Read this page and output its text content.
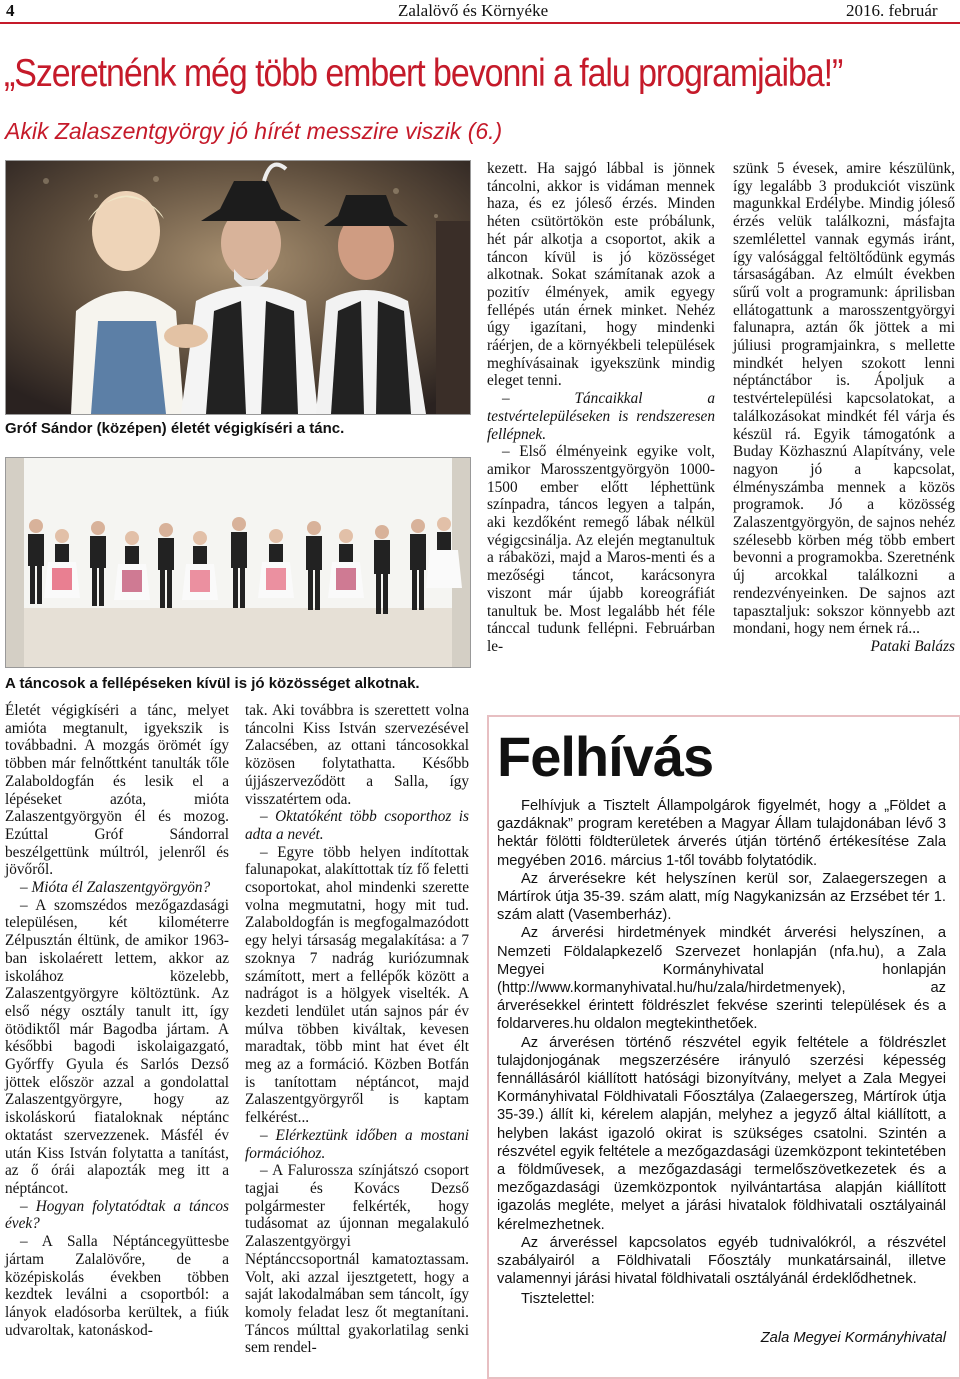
4	Zalalövő és Környéke	2016. február
„Szeretnénk még több embert bevonni a falu programjaiba!”
Akik Zalaszentgyörgy jó hírét messzire viszik (6.)
Gróf Sándor (középen) életét végigkíséri a tánc.
A táncosok a fellépéseken kívül is jó közösséget alkotnak.

Életét végigkíséri a tánc, melyet amióta megtanult, igyekszik is továbbadni. A mozgás örömét így többen már felnőttként tanulták tőle Zalaboldogfán és lesik el a lépéseket azóta, mióta Zalaszentgyörgyön él és mozog. Ezúttal Gróf Sándorral beszélgettünk múltról, jelenről és jövőről.

– Mióta él Zalaszentgyörgyön?

– A szomszédos mezőgazdasági településen, két kilométerre Zélpusztán éltünk, de amikor 1963-ban iskolaérett lettem, akkor az iskolához közelebb, Zalaszentgyörgyre költöztünk. Az első négy osztály tanult itt, így ötödiktől már Bagodba jártam. A későbbi bagodi iskolaigazgató, Győrffy Gyula és Sarlós Dezső jöttek először azzal a gondolattal Zalaszentgyörgyre, hogy az iskoláskorú fiataloknak néptánc oktatást szervezzenek. Másfél év után Kiss István folytatta a tanítást, az ő órái alapozták meg itt a néptáncot.

– Hogyan folytatódtak a táncos évek?

– A Salla Néptáncegyüttesbe jártam Zalalövőre, de a középiskolás években többen kezdtek leválni a csoportból: a lányok eladósorba kerültek, a fiúk udvaroltak, katonáskod-

tak. Aki továbbra is szerettett volna táncolni Kiss István szervezésével Zalacsében, az ottani táncosokkal közösen folytathatta. Később újjászerveződött a Salla, így visszatértem oda.

– Oktatóként több csoporthoz is adta a nevét.

– Egyre több helyen indítottak falunapokat, alakíttottak tíz fő feletti csoportokat, ahol mindenki szerette volna megmutatni, hogy mit tud. Zalaboldogfán is megfogalmazódott egy helyi társaság megalakítása: a 7 szoknya 7 nadrág kuriózumnak számított, mert a fellépők között a nadrágot is a hölgyek viselték. A kezdeti lendület után sajnos pár év múlva többen kiváltak, kevesen maradtak, több mint hat évet élt meg az a formáció. Közben Botfán is tanítottam néptáncot, majd Zalaszentgyörgyről is kaptam felkérést...

– Elérkeztünk időben a mostani formációhoz.

– A Falurossza színjátszó csoport tagjai és Kovács Dezső polgármester felkérték, hogy tudásomat az újonnan megalakuló Zalaszentgyörgyi Néptánccsoportnál kamatoztassam. Volt, aki azzal ijesztgetett, hogy a saját lakodalmában sem táncolt, így komoly feladat lesz őt megtanítani. Táncos múlttal gyakorlatilag senki sem rendel-

kezett. Ha sajgó lábbal is jönnek táncolni, akkor is vidáman mennek haza, és ez jóleső érzés. Minden héten csütörtökön este próbálunk, hét pár alkotja a csoportot, akik a táncon kívül is jó közösséget alkotnak. Sokat számítanak azok a pozitív élmények, amik egyegy fellépés után érnek minket. Nehéz úgy igazítani, hogy mindenki ráérjen, de a környékbeli települések meghívásainak igyekszünk mindig eleget tenni.

– Táncaikkal a testvértelepüléseken is rendszeresen fellépnek.

– Első élményeink egyike volt, amikor Marosszentgyörgyön 1000-1500 ember előtt léphettünk színpadra, táncos legyen a talpán, aki kezdőként remegő lábak nélkül végigcsinálja. Az elején megtanultuk a rábaközi, majd a Maros-menti és a mezőségi táncot, karácsonyra viszont már újabb koreográfiát tanultuk be. Most legalább hét féle tánccal tudunk fellépni. Februárban le-

szünk 5 évesek, amire készülünk, így legalább 3 produkciót viszünk magunkkal Erdélybe. Mindig jóleső érzés velük találkozni, másfajta szemlélettel vannak egymás iránt, így valósággal feltöltődünk egymás társaságában. Az elmúlt években sűrű volt a programunk: áprilisban ellátogattunk a marosszentgyörgyi falunapra, aztán ők jöttek a mi júliusi programjainkra, s mellette mindkét helyen szokott lenni néptánctábor is. Ápoljuk a testvértelepülési kapcsolatokat, a találkozásokat mindkét fél várja és készül rá. Egyik támogatónk a Buday Közhasznú Alapítvány, vele nagyon jó a kapcsolat, élményszámba mennek a közös programok. Jó a közösség Zalaszentgyörgyön, de sajnos nehéz szélesebb körben még több embert bevonni a programokba. Szeretnénk új arcokkal találkozni a rendezvényeinken. De sajnos azt tapasztaljuk: sokszor könnyebb azt mondani, hogy nem érnek rá...

Pataki Balázs

Felhívás

Felhívjuk a Tisztelt Állampolgárok figyelmét, hogy a „Földet a gazdáknak” program keretében a Magyar Állam tulajdonában lévő 3 hektár fölötti földterületek árverés útján történő értékesítése Zala megyében 2016. március 1-től tovább folytatódik.

Az árverésekre két helyszínen kerül sor, Zalaegerszegen a Mártírok útja 35-39. szám alatt, míg Nagykanizsán az Erzsébet tér 1. szám alatt (Vasemberház).

Az árverési hirdetmények mindkét árverési helyszínen, a Nemzeti Földalapkezelő Szervezet honlapján (nfa.hu), a Zala Megyei Kormányhivatal honlapján (http://www.kormanyhivatal.hu/hu/zala/hirdetmenyek), az árverésekkel érintett földrészlet fekvése szerinti települések és a foldarveres.hu oldalon megtekinthetőek.

Az árverésen történő részvétel egyik feltétele a földrészlet tulajdonjogának megszerzésére irányuló szerzési képesség fennállásáról kiállított hatósági bizonyítvány, melyet a Zala Megyei Kormányhivatal Földhivatali Főosztálya (Zalaegerszeg, Mártírok útja 35-39.) állít ki, kérelem alapján, melyhez a jegyző által kiállított, a helyben lakást igazoló okirat is szükséges csatolni. Szintén a részvétel egyik feltétele a mezőgazdasági üzemközpont tekintetében a földművesek, a mezőgazdasági termelőszövetkezetek és a mezőgazdasági üzemközpontok nyilvántartása alapján kiállított igazolás megléte, melyet a járási hivatalok földhivatali osztályainál kérelmezhetnek.

Az árveréssel kapcsolatos egyéb tudnivalókról, a részvétel szabályairól a Földhivatali Főosztály munkatársainál, illetve valamennyi járási hivatal földhivatali osztályánál érdeklődhetnek.

Tisztelettel:

Zala Megyei Kormányhivatal
